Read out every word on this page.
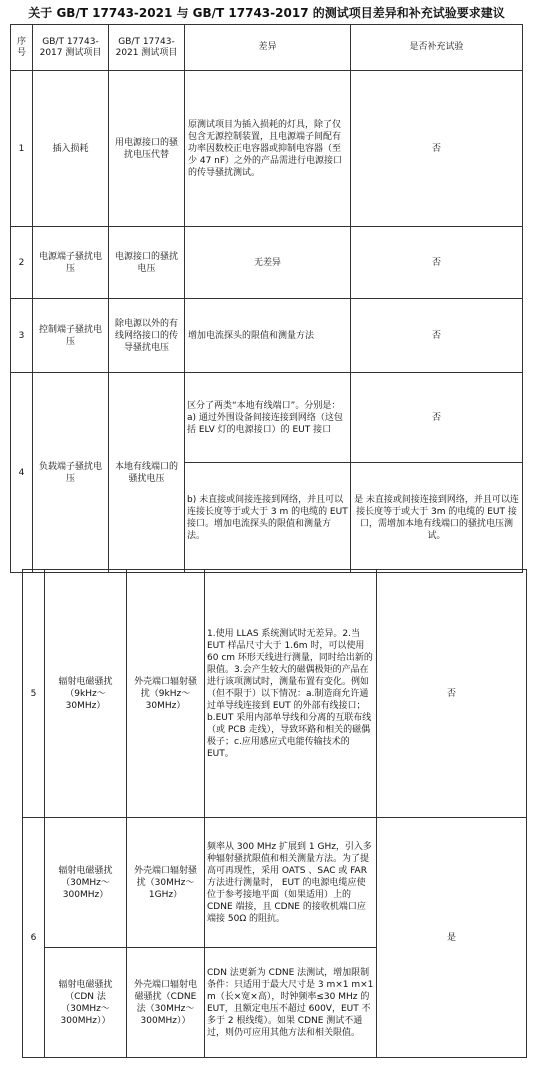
关于 GB/T 17743-2021 与 GB/T 17743-2017 的测试项目差异和补充试验要求建议
序号	GB/T 17743-2017 测试项目	GB/T 17743-2021 测试项目	差异	是否补充试验
1	插入损耗	用电源接口的骚扰电压代替	原测试项目为插入损耗的灯具，除了仅包含无源控制装置，且电源端子间配有功率因数校正电容器或抑制电容器（至少 47 nF）之外的产品需进行电源接口的传导骚扰测试。	否
2	电源端子骚扰电压	电源接口的骚扰电压	无差异	否
3	控制端子骚扰电压	除电源以外的有线网络接口的传导骚扰电压	增加电流探头的限值和测量方法	否
4	负载端子骚扰电压	本地有线端口的骚扰电压	区分了两类“本地有线端口”。分别是：a) 通过外围设备间接连接到网络（这包括 ELV 灯的电源接口）的 EUT 接口	否
			b) 未直接或间接连接到网络，并且可以连接长度等于或大于 3 m 的电缆的 EUT 接口。增加电流探头的限值和测量方法。	是 未直接或间接连接到网络，并且可以连接长度等于或大于 3m 的电缆的 EUT 接口，需增加本地有线端口的骚扰电压测试。
5	辐射电磁骚扰（9kHz～30MHz）	外壳端口辐射骚扰（9kHz～30MHz）	1.使用 LLAS 系统测试时无差异。2.当 EUT 样品尺寸大于 1.6m 时，可以使用 60 cm 环形天线进行测量，同时给出新的限值。3.会产生较大的磁偶极矩的产品在进行该项测试时，测量布置有变化。例如（但不限于）以下情况：a.制造商允许通过单导线连接到 EUT 的外部有线接口；b.EUT 采用内部单导线和分离的互联布线（或 PCB 走线），导致环路和相关的磁偶极子；c.应用感应式电能传输技术的 EUT。	否
6	辐射电磁骚扰（30MHz～300MHz）	外壳端口辐射骚扰（30MHz～1GHz）	频率从 300 MHz 扩展到 1 GHz，引入多种辐射骚扰限值和相关测量方法。为了提高可再现性，采用 OATS 、SAC 或 FAR 方法进行测量时， EUT 的电源电缆应使位于参考接地平面（如果适用）上的 CDNE 端接，且 CDNE 的接收机端口应端接 50Ω 的阻抗。	是
	辐射电磁骚扰（CDN 法（30MHz～300MHz））	外壳端口辐射电磁骚扰（CDNE 法（30MHz～300MHz））	CDN 法更新为 CDNE 法测试，增加限制条件：只适用于最大尺寸是 3 m×1 m×1 m（长×宽×高），时钟频率≤30 MHz 的 EUT，且额定电压不超过 600V，EUT 不多于 2 根线缆）。如果 CDNE 测试不通过，则仍可应用其他方法和相关限值。	
